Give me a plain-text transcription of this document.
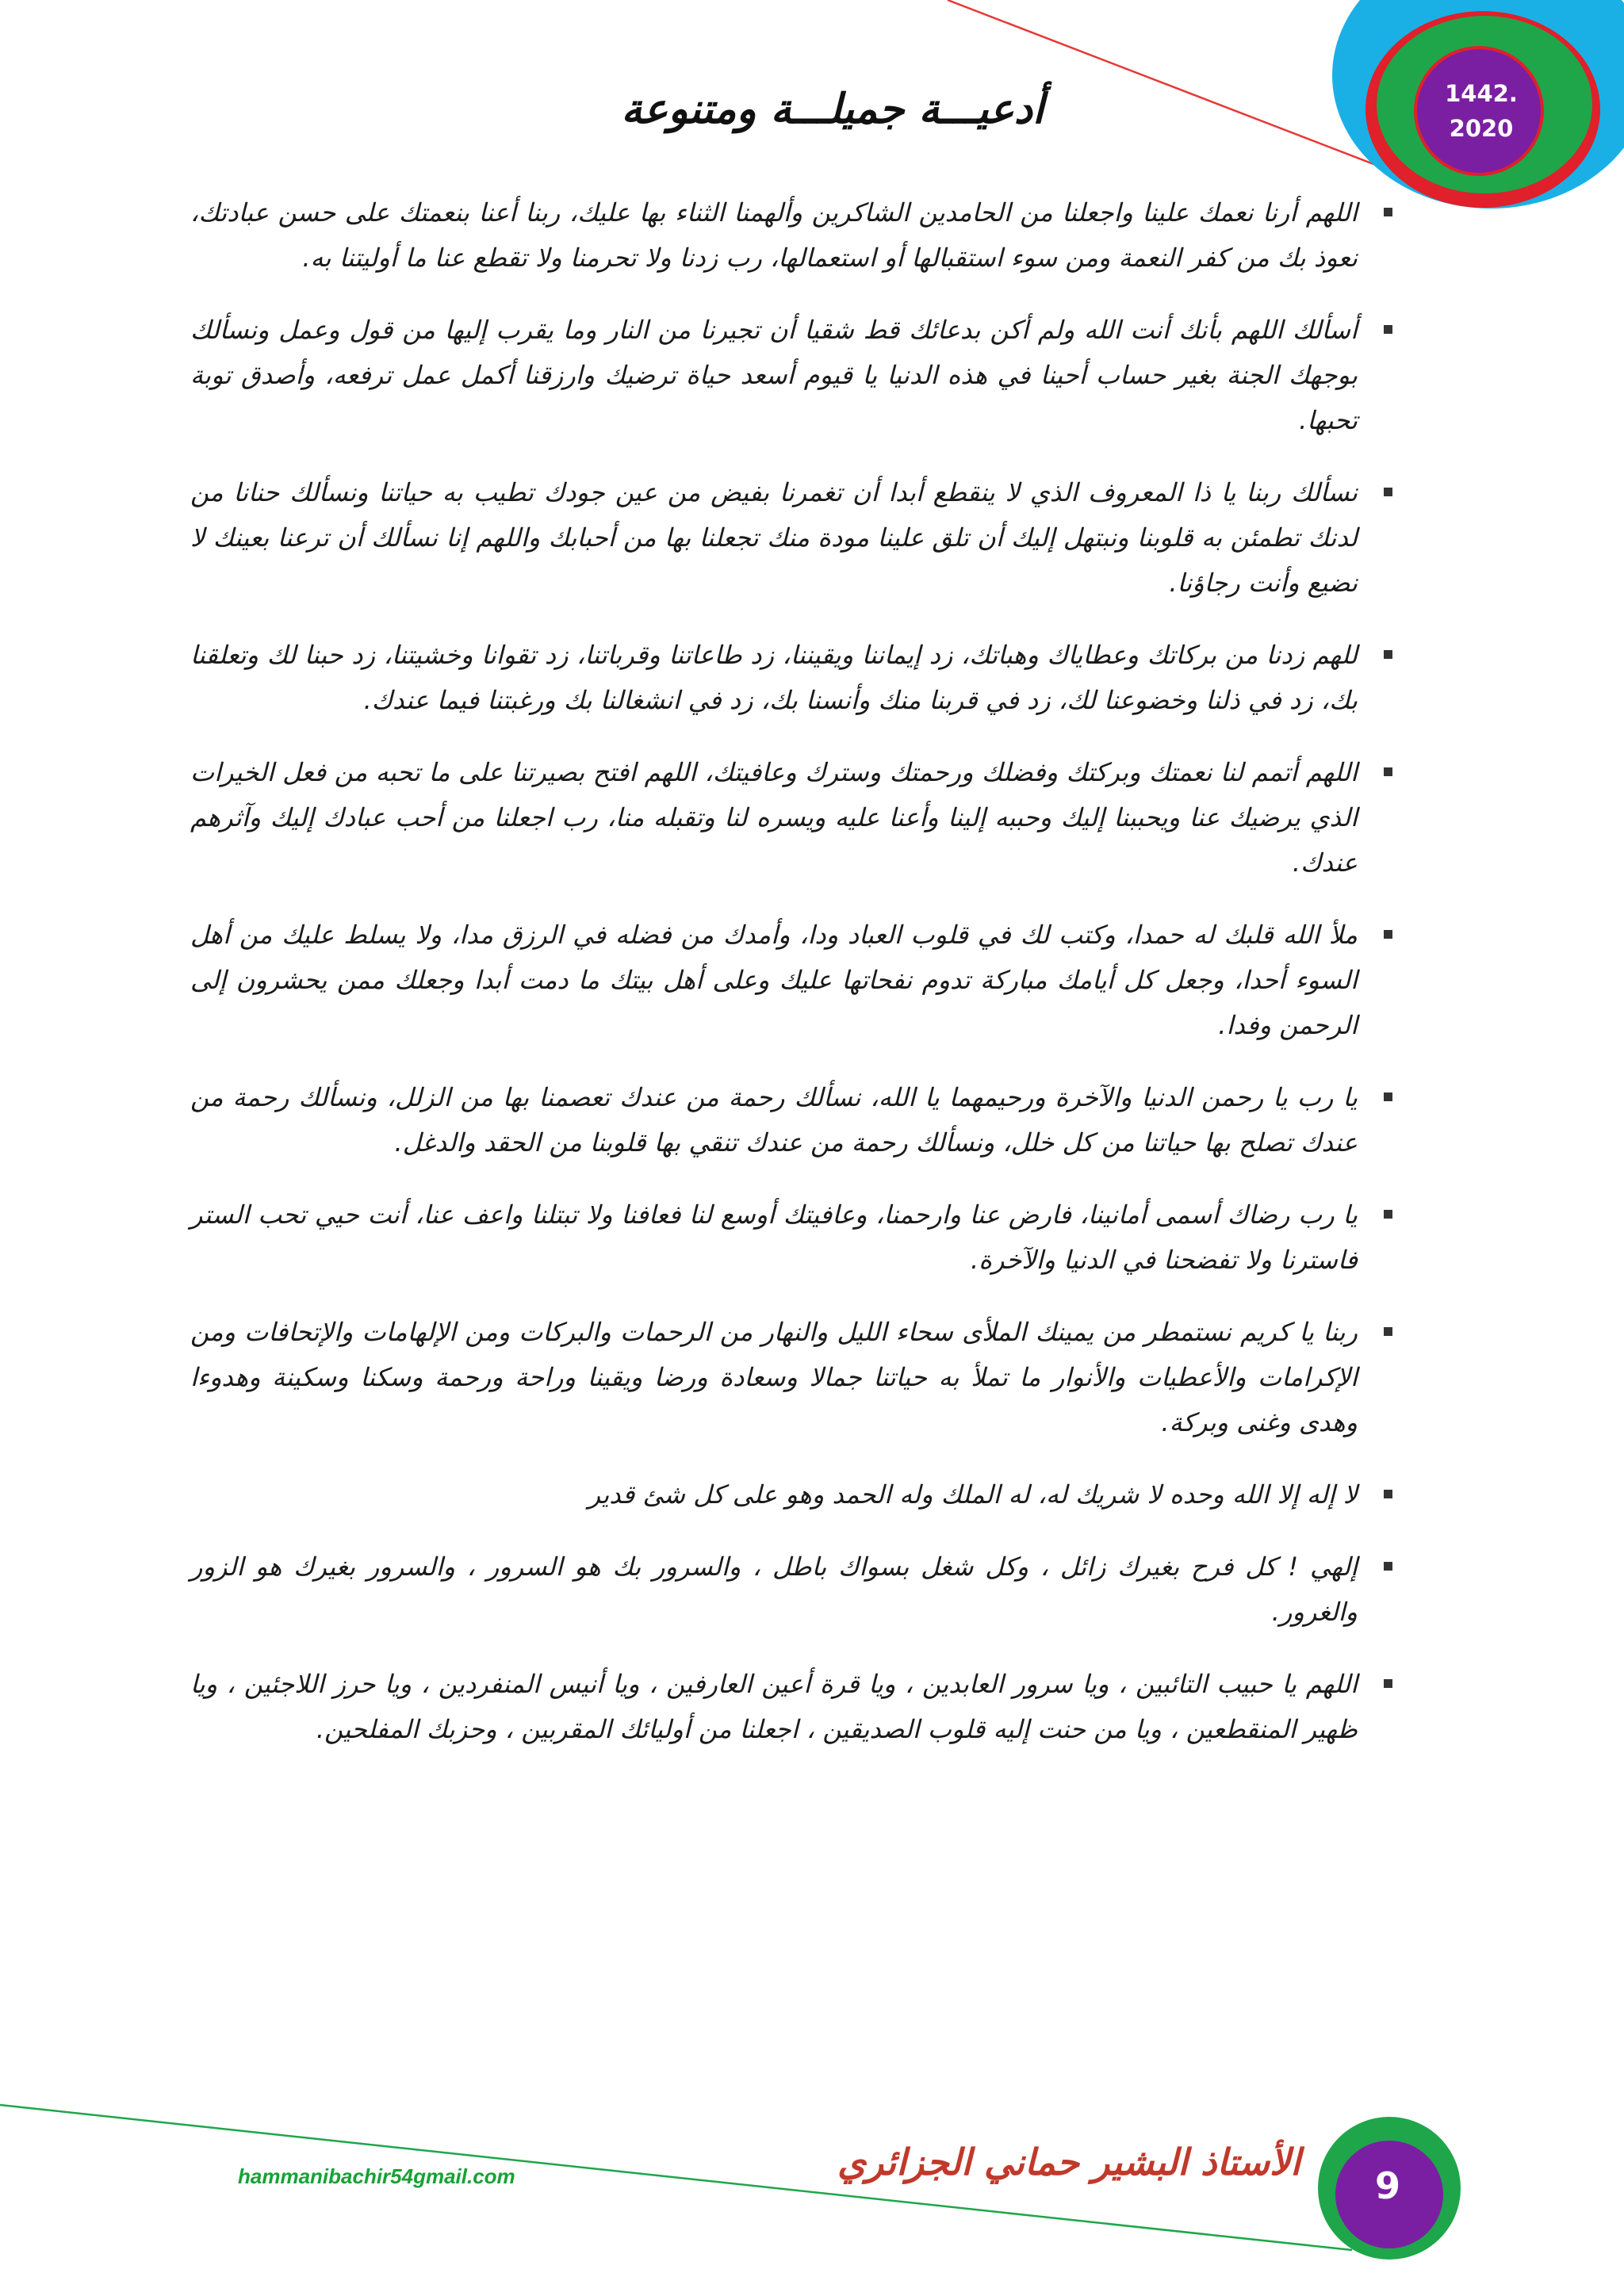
1442.
2020
أدعيـــة جميلـــة ومتنوعة
اللهم أرنا نعمك علينا واجعلنا من الحامدين الشاكرين وألهمنا الثناء بها عليك، ربنا أعنا بنعمتك على حسن عبادتك، نعوذ بك من كفر النعمة ومن سوء استقبالها أو استعمالها، رب زدنا ولا تحرمنا ولا تقطع عنا ما أوليتنا به.
أسألك اللهم بأنك أنت الله ولم أكن بدعائك قط شقيا أن تجيرنا من النار وما يقرب إليها من قول وعمل ونسألك بوجهك الجنة بغير حساب أحينا في هذه الدنيا يا قيوم أسعد حياة ترضيك وارزقنا أكمل عمل ترفعه، وأصدق توبة تحبها.
نسألك ربنا يا ذا المعروف الذي لا ينقطع أبدا أن تغمرنا بفيض من عين جودك تطيب به حياتنا ونسألك حنانا من لدنك تطمئن به قلوبنا ونبتهل إليك أن تلق علينا مودة منك تجعلنا بها من أحبابك واللهم إنا نسألك أن ترعنا بعينك لا نضيع وأنت رجاؤنا.
للهم زدنا من بركاتك وعطاياك وهباتك، زد إيماننا ويقيننا، زد طاعاتنا وقرباتنا، زد تقوانا وخشيتنا، زد حبنا لك وتعلقنا بك، زد في ذلنا وخضوعنا لك، زد في قربنا منك وأنسنا بك، زد في انشغالنا بك ورغبتنا فيما عندك.
اللهم أتمم لنا نعمتك وبركتك وفضلك ورحمتك وسترك وعافيتك، اللهم افتح بصيرتنا على ما تحبه من فعل الخيرات الذي يرضيك عنا ويحببنا إليك وحببه إلينا وأعنا عليه ويسره لنا وتقبله منا، رب اجعلنا من أحب عبادك إليك وآثرهم عندك.
ملأ الله قلبك له حمدا، وكتب لك في قلوب العباد ودا، وأمدك من فضله في الرزق مدا، ولا يسلط عليك من أهل السوء أحدا، وجعل كل أيامك مباركة تدوم نفحاتها عليك وعلى أهل بيتك ما دمت أبدا وجعلك ممن يحشرون إلى الرحمن وفدا.
يا رب يا رحمن الدنيا والآخرة ورحيمهما يا الله، نسألك رحمة من عندك تعصمنا بها من الزلل، ونسألك رحمة من عندك تصلح بها حياتنا من كل خلل، ونسألك رحمة من عندك تنقي بها قلوبنا من الحقد والدغل.
يا رب رضاك أسمى أمانينا، فارض عنا وارحمنا، وعافيتك أوسع لنا فعافنا ولا تبتلنا واعف عنا، أنت حيي تحب الستر فاسترنا ولا تفضحنا في الدنيا والآخرة.
ربنا يا كريم نستمطر من يمينك الملأى سحاء الليل والنهار من الرحمات والبركات ومن الإلهامات والإتحافات ومن الإكرامات والأعطيات والأنوار ما تملأ به حياتنا جمالا وسعادة ورضا ويقينا وراحة ورحمة وسكنا وسكينة وهدوءا وهدى وغنى وبركة.
لا إله إلا الله وحده لا شريك له، له الملك وله الحمد وهو على كل شئ قدير
إلهي ! كل فرح بغيرك زائل ، وكل شغل بسواك باطل ، والسرور بك هو السرور ، والسرور بغيرك هو الزور والغرور.
اللهم يا حبيب التائبين ، ويا سرور العابدين ، ويا قرة أعين العارفين ، ويا أنيس المنفردين ، ويا حرز اللاجئين ، ويا ظهير المنقطعين ، ويا من حنت إليه قلوب الصديقين ، اجعلنا من أوليائك المقربين ، وحزبك المفلحين.
الأستاذ البشير حماني الجزائري
hammanibachir54gmail.com	9
